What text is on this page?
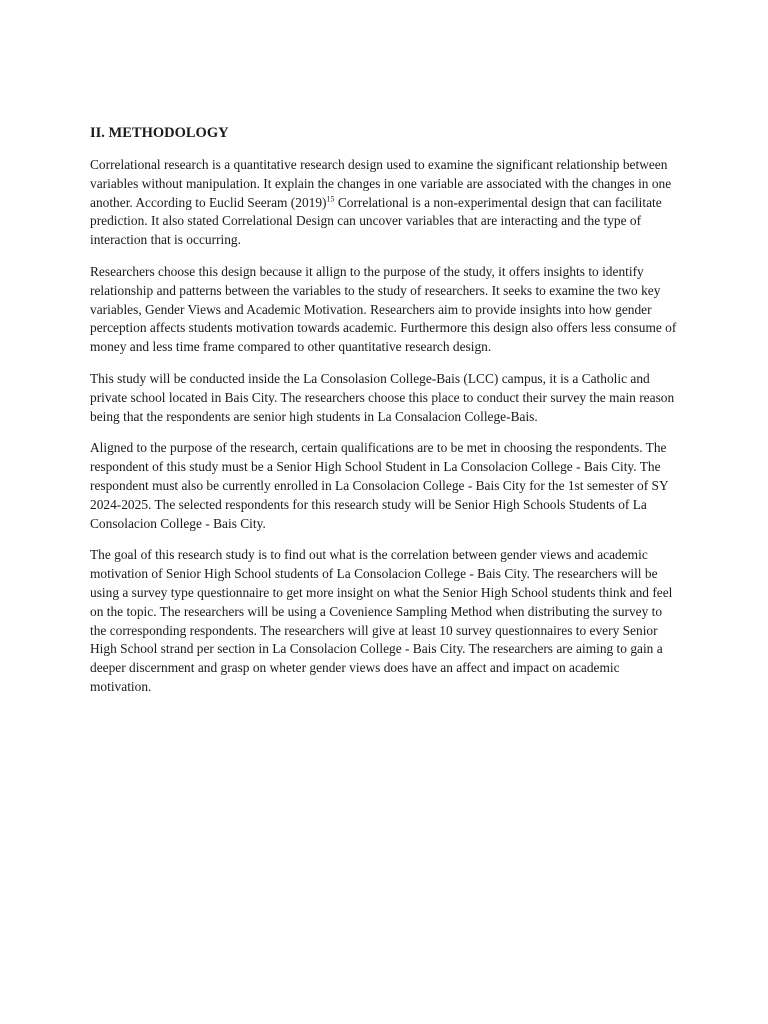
II. METHODOLOGY

Correlational research is a quantitative research design used to examine the significant relationship between variables without manipulation. It explain the changes in one variable are associated with the changes in one another. According to Euclid Seeram $(2019)^{15}$ Correlational is a non-experimental design that can facilitate prediction. It also stated Correlational Design can uncover variables that are interacting and the type of interaction that is occurring.

Researchers choose this design because it allign to the purpose of the study, it offers insights to identify relationship and patterns between the variables to the study of researchers. It seeks to examine the two key variables, Gender Views and Academic Motivation. Researchers aim to provide insights into how gender perception affects students motivation towards academic. Furthermore this design also offers less consume of money and less time frame compared to other quantitative research design.

This study will be conducted inside the La Consolasion College-Bais (LCC) campus, it is a Catholic and private school located in Bais City. The researchers choose this place to conduct their survey the main reason being that the respondents are senior high students in La Consalacion College-Bais.

Aligned to the purpose of the research, certain qualifications are to be met in choosing the respondents. The respondent of this study must be a Senior High School Student in La Consolacion College - Bais City. The respondent must also be currently enrolled in La Consolacion College - Bais City for the 1st semester of SY 2024-2025. The selected respondents for this research study will be Senior High Schools Students of La Consolacion College - Bais City.

The goal of this research study is to find out what is the correlation between gender views and academic motivation of Senior High School students of La Consolacion College - Bais City. The researchers will be using a survey type questionnaire to get more insight on what the Senior High School students think and feel on the topic. The researchers will be using a Covenience Sampling Method when distributing the survey to the corresponding respondents. The researchers will give at least 10 survey questionnaires to every Senior High School strand per section in La Consolacion College - Bais City. The researchers are aiming to gain a deeper discernment and grasp on wheter gender views does have an affect and impact on academic motivation.
